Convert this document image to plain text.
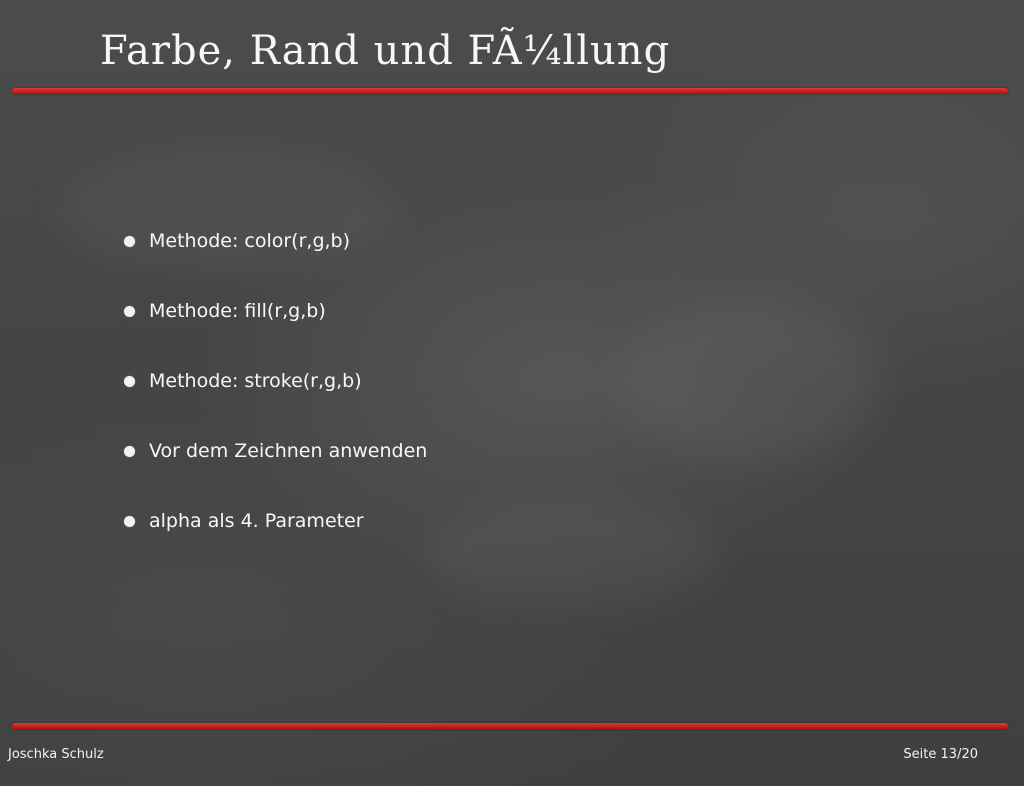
Farbe, Rand und FÃ¼llung
Methode: color(r,g,b)
Methode: fill(r,g,b)
Methode: stroke(r,g,b)
Vor dem Zeichnen anwenden
alpha als 4. Parameter
Joschka Schulz	Seite 13/20
